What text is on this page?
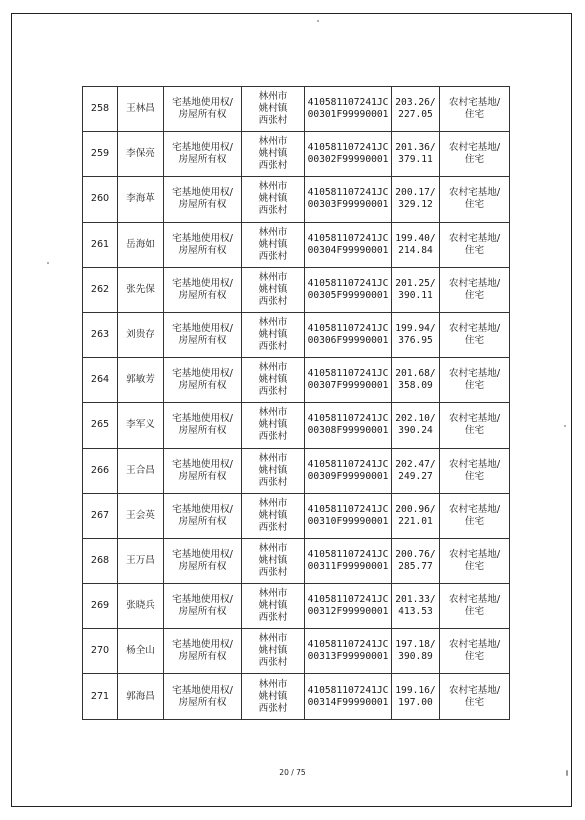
258	王林昌	宅基地使用权/
房屋所有权	林州市
姚村镇
西张村	410581107241JC
00301F99990001	203.26/
227.05	农村宅基地/
住宅

259	李保亮	宅基地使用权/
房屋所有权	林州市
姚村镇
西张村	410581107241JC
00302F99990001	201.36/
379.11	农村宅基地/
住宅

260	李海革	宅基地使用权/
房屋所有权	林州市
姚村镇
西张村	410581107241JC
00303F99990001	200.17/
329.12	农村宅基地/
住宅

261	岳海如	宅基地使用权/
房屋所有权	林州市
姚村镇
西张村	410581107241JC
00304F99990001	199.40/
214.84	农村宅基地/
住宅

262	张先保	宅基地使用权/
房屋所有权	林州市
姚村镇
西张村	410581107241JC
00305F99990001	201.25/
390.11	农村宅基地/
住宅

263	刘贵存	宅基地使用权/
房屋所有权	林州市
姚村镇
西张村	410581107241JC
00306F99990001	199.94/
376.95	农村宅基地/
住宅

264	郭敏芳	宅基地使用权/
房屋所有权	林州市
姚村镇
西张村	410581107241JC
00307F99990001	201.68/
358.09	农村宅基地/
住宅

265	李军义	宅基地使用权/
房屋所有权	林州市
姚村镇
西张村	410581107241JC
00308F99990001	202.10/
390.24	农村宅基地/
住宅

266	王合昌	宅基地使用权/
房屋所有权	林州市
姚村镇
西张村	410581107241JC
00309F99990001	202.47/
249.27	农村宅基地/
住宅

267	王会英	宅基地使用权/
房屋所有权	林州市
姚村镇
西张村	410581107241JC
00310F99990001	200.96/
221.01	农村宅基地/
住宅

268	王万昌	宅基地使用权/
房屋所有权	林州市
姚村镇
西张村	410581107241JC
00311F99990001	200.76/
285.77	农村宅基地/
住宅

269	张晓兵	宅基地使用权/
房屋所有权	林州市
姚村镇
西张村	410581107241JC
00312F99990001	201.33/
413.53	农村宅基地/
住宅

270	杨全山	宅基地使用权/
房屋所有权	林州市
姚村镇
西张村	410581107241JC
00313F99990001	197.18/
390.89	农村宅基地/
住宅

271	郭海昌	宅基地使用权/
房屋所有权	林州市
姚村镇
西张村	410581107241JC
00314F99990001	199.16/
197.00	农村宅基地/
住宅
20 / 75
